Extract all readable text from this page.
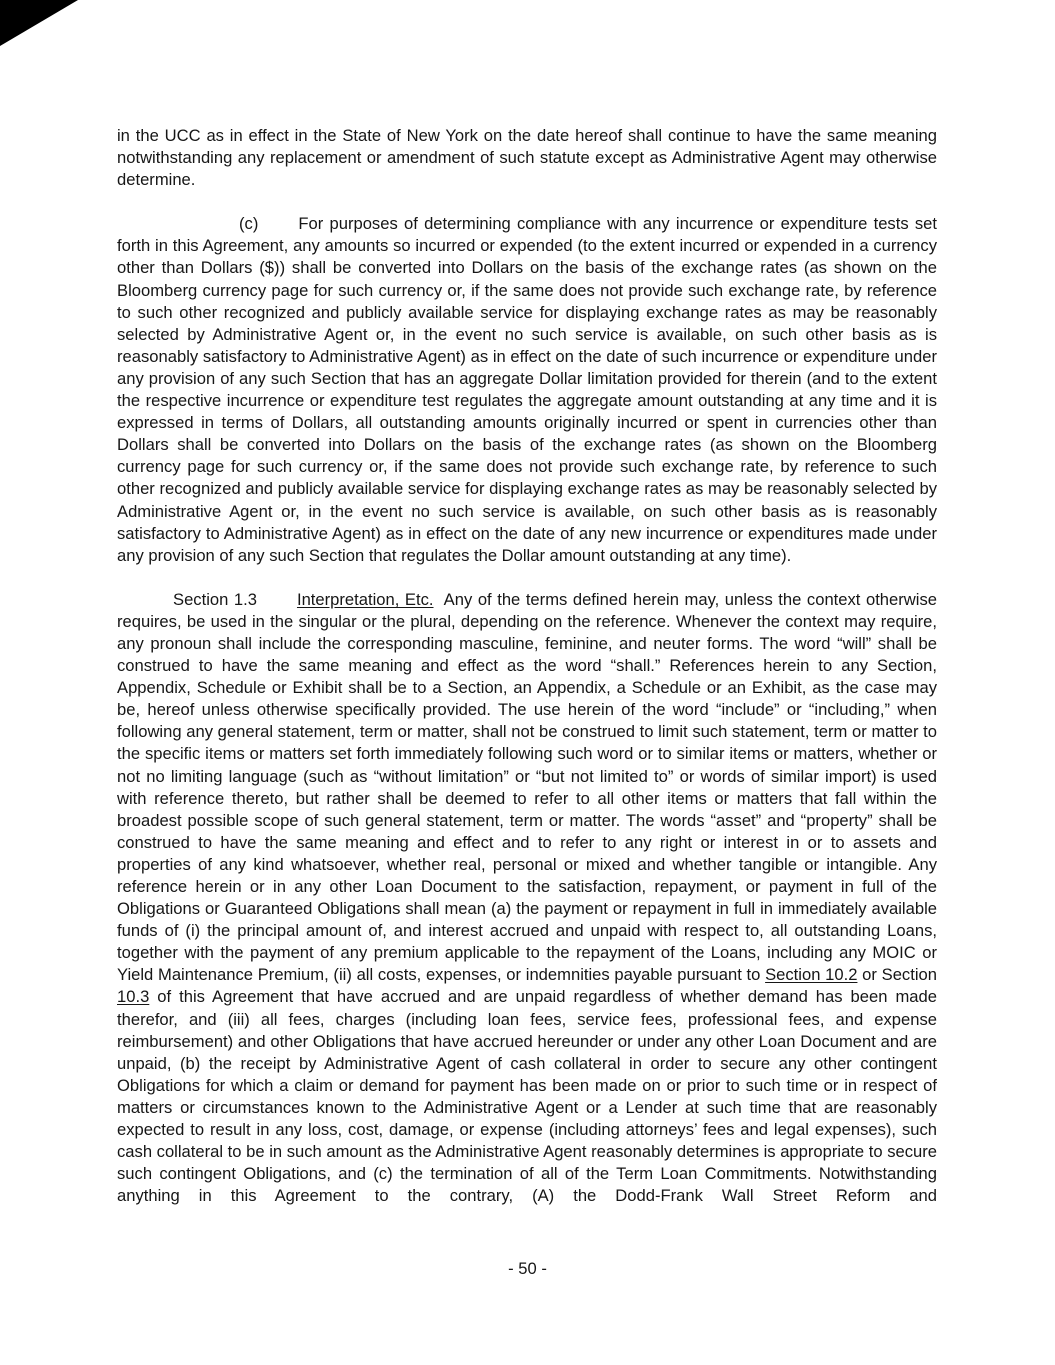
in the UCC as in effect in the State of New York on the date hereof shall continue to have the same meaning notwithstanding any replacement or amendment of such statute except as Administrative Agent may otherwise determine.

(c) For purposes of determining compliance with any incurrence or expenditure tests set forth in this Agreement, any amounts so incurred or expended (to the extent incurred or expended in a currency other than Dollars ($)) shall be converted into Dollars on the basis of the exchange rates (as shown on the Bloomberg currency page for such currency or, if the same does not provide such exchange rate, by reference to such other recognized and publicly available service for displaying exchange rates as may be reasonably selected by Administrative Agent or, in the event no such service is available, on such other basis as is reasonably satisfactory to Administrative Agent) as in effect on the date of such incurrence or expenditure under any provision of any such Section that has an aggregate Dollar limitation provided for therein (and to the extent the respective incurrence or expenditure test regulates the aggregate amount outstanding at any time and it is expressed in terms of Dollars, all outstanding amounts originally incurred or spent in currencies other than Dollars shall be converted into Dollars on the basis of the exchange rates (as shown on the Bloomberg currency page for such currency or, if the same does not provide such exchange rate, by reference to such other recognized and publicly available service for displaying exchange rates as may be reasonably selected by Administrative Agent or, in the event no such service is available, on such other basis as is reasonably satisfactory to Administrative Agent) as in effect on the date of any new incurrence or expenditures made under any provision of any such Section that regulates the Dollar amount outstanding at any time).

Section 1.3 Interpretation, Etc.  Any of the terms defined herein may, unless the context otherwise requires, be used in the singular or the plural, depending on the reference. Whenever the context may require, any pronoun shall include the corresponding masculine, feminine, and neuter forms. The word “will” shall be construed to have the same meaning and effect as the word “shall.” References herein to any Section, Appendix, Schedule or Exhibit shall be to a Section, an Appendix, a Schedule or an Exhibit, as the case may be, hereof unless otherwise specifically provided. The use herein of the word “include” or “including,” when following any general statement, term or matter, shall not be construed to limit such statement, term or matter to the specific items or matters set forth immediately following such word or to similar items or matters, whether or not no limiting language (such as “without limitation” or “but not limited to” or words of similar import) is used with reference thereto, but rather shall be deemed to refer to all other items or matters that fall within the broadest possible scope of such general statement, term or matter. The words “asset” and “property” shall be construed to have the same meaning and effect and to refer to any right or interest in or to assets and properties of any kind whatsoever, whether real, personal or mixed and whether tangible or intangible. Any reference herein or in any other Loan Document to the satisfaction, repayment, or payment in full of the Obligations or Guaranteed Obligations shall mean (a) the payment or repayment in full in immediately available funds of (i) the principal amount of, and interest accrued and unpaid with respect to, all outstanding Loans, together with the payment of any premium applicable to the repayment of the Loans, including any MOIC or Yield Maintenance Premium, (ii) all costs, expenses, or indemnities payable pursuant to Section 10.2 or Section 10.3 of this Agreement that have accrued and are unpaid regardless of whether demand has been made therefor, and (iii) all fees, charges (including loan fees, service fees, professional fees, and expense reimbursement) and other Obligations that have accrued hereunder or under any other Loan Document and are unpaid, (b) the receipt by Administrative Agent of cash collateral in order to secure any other contingent Obligations for which a claim or demand for payment has been made on or prior to such time or in respect of matters or circumstances known to the Administrative Agent or a Lender at such time that are reasonably expected to result in any loss, cost, damage, or expense (including attorneys’ fees and legal expenses), such cash collateral to be in such amount as the Administrative Agent reasonably determines is appropriate to secure such contingent Obligations, and (c) the termination of all of the Term Loan Commitments. Notwithstanding anything in this Agreement to the contrary, (A) the Dodd-Frank Wall Street Reform and

- 50 -
